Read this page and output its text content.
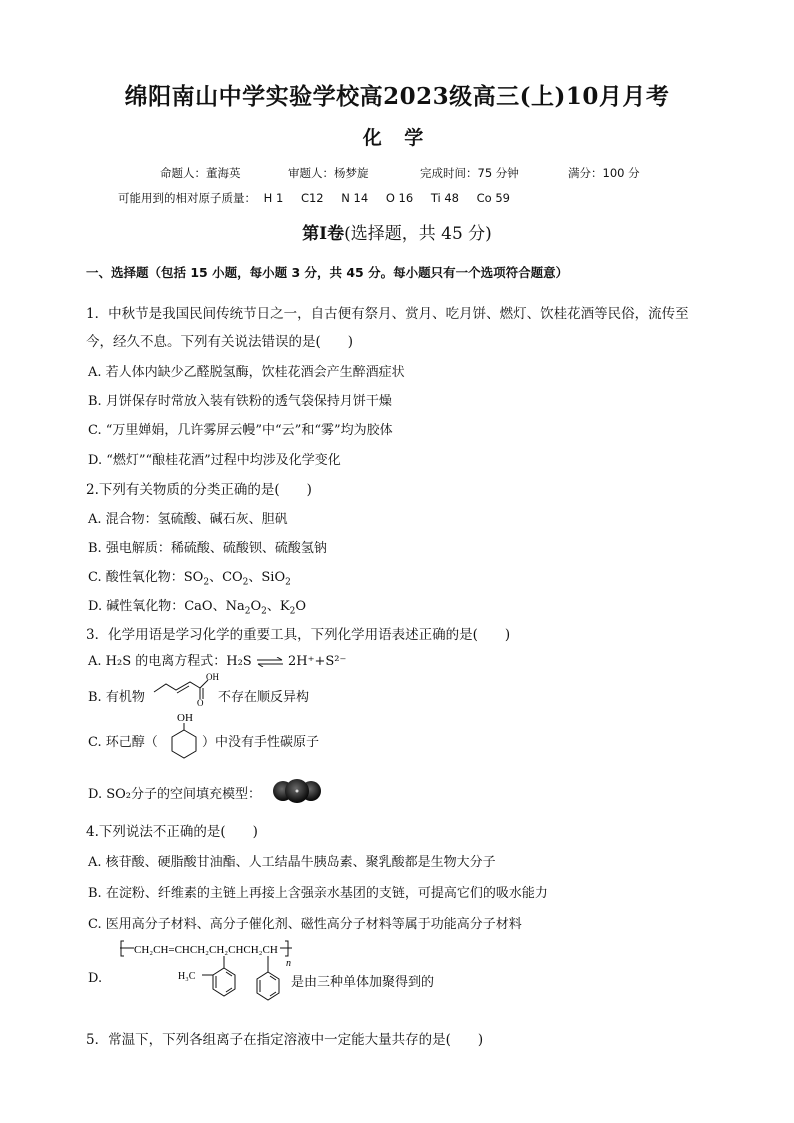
绵阳南山中学实验学校高2023级高三(上)10月月考
化 学
命题人：董海英	审题人：杨梦旋	完成时间：75 分钟	满分：100 分
可能用到的相对原子质量： H 1 C12 N 14 O 16 Ti 48 Co 59
第Ⅰ卷(选择题，共 45 分)
一、选择题（包括 15 小题，每小题 3 分，共 45 分。每小题只有一个选项符合题意）
1．中秋节是我国民间传统节日之一，自古便有祭月、赏月、吃月饼、燃灯、饮桂花酒等民俗，流传至
今，经久不息。下列有关说法错误的是(　　)
A. 若人体内缺少乙醛脱氢酶，饮桂花酒会产生醉酒症状
B. 月饼保存时常放入装有铁粉的透气袋保持月饼干燥
C. “万里婵娟，几许雾屏云幔”中“云”和“雾”均为胶体
D. “燃灯”“酿桂花酒”过程中均涉及化学变化
2.下列有关物质的分类正确的是(　　)
A. 混合物：氢硫酸、碱石灰、胆矾
B. 强电解质：稀硫酸、硫酸钡、硫酸氢钠
C. 酸性氧化物：$SO_2$、$CO_2$、SiO$_2$
D. 碱性氧化物：CaO、$Na_2O_2$、$K_2O$
3．化学用语是学习化学的重要工具，下列化学用语表述正确的是(　　)
A. H₂S 的电离方程式：H₂S ⇌ 2H⁺+S²⁻
B. 有机物
OH
O 不存在顺反异构
C. 环己醇（
OH
）中没有手性碳原子
D. SO₂分子的空间填充模型：
4.下列说法不正确的是(　　)
A. 核苷酸、硬脂酸甘油酯、人工结晶牛胰岛素、聚乳酸都是生物大分子
B. 在淀粉、纤维素的主链上再接上含强亲水基团的支链，可提高它们的吸水能力
C. 医用高分子材料、高分子催化剂、磁性高分子材料等属于功能高分子材料
D.
CH₂CH=CHCH₂CH₂CHCH₂CH
n
H₃C	是由三种单体加聚得到的
5．常温下，下列各组离子在指定溶液中一定能大量共存的是(　　)
